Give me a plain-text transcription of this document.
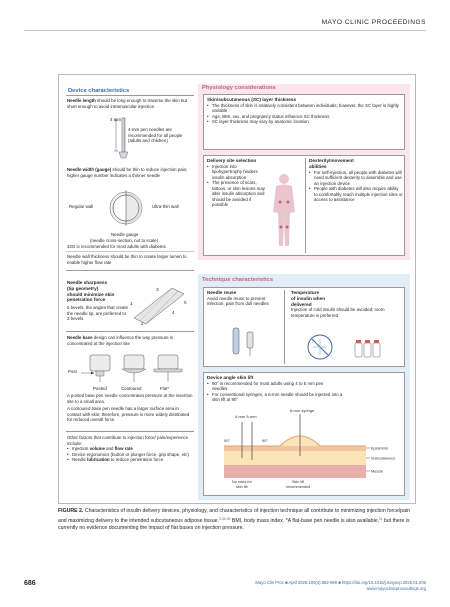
MAYO CLINIC PROCEEDINGS
Device characteristics
Needle length should be long enough to traverse the skin but short enough to avoid intramuscular injection
4 mm
4-mm pen needles are recommended for all people (adults and children)
Needle width (gauge) should be thin to reduce injection pain; higher gauge number indicates a thinner needle
Regular wall	Ultra-thin wall
Needle gauge
(needle cross-section, not to scale)
32G is recommended for most adults with diabetes
Needle wall thickness should be thin to create larger lumen to enable higher flow rate
Needle sharpness
(tip geometry)
should minimize skin
penetration force
5 bevels, the angles that create the needle tip, are preferred to 3 bevels
1
2
3
4
5
Needle base design can influence the way pressure is concentrated at the injection site
Post
Posted	Contoured	Flat*
A posted base pen needle concentrates pressure at the insertion site to a small area.
A contoured base pen needle has a larger surface area in contact with skin; therefore, pressure is more widely distributed for reduced overall force.
Other factors that contribute to injection force/ pain/experience include:
• Injection volume and flow rate
• Device ergonomics (button or plunger force, grip shape, etc)
• Needle lubrication to reduce penetration force
Physiology considerations
Skin/subcutaneous (SC) layer thickness
• The thickness of skin is relatively consistent between individuals; however, the SC layer is highly variable
• Age, BMI, sex, and pregnancy status influence SC thickness
• SC layer thickness may vary by anatomic location
Delivery site selection
• Injection into lipohypertrophy hinders insulin absorption
• The presence of scars, tattoos, or skin lesions may alter insulin absorption and should be avoided if possible
Dexterity/movement
abilities
• For self-injection, all people with diabetes will need sufficient dexterity to assemble and use an injection device
• People with diabetes will also require ability to comfortably reach multiple injection sites or access to assistance
Technique characteristics
Needle reuse
Avoid needle reuse to prevent infection, pain from dull needles
Temperature
of insulin when
delivered
Injection of cold insulin should be avoided; room temperature is preferred
Device angle skin lift
• 90° is recommended for most adults using 4 to 5 mm pen needles
• For conventional syringes, a 6-mm needle should be injected into a skin lift at 90°
4-mm 5-mm
6-mm syringe
90°	90°
Epidermis
Subcutaneous
Muscle
No need for
skin lift
Skin lift
recommended
FIGURE 2. Characteristics of insulin delivery devices, physiology, and characteristics of injection technique all contribute to minimizing injection force/pain and maximizing delivery to the intended subcutaneous adipose tissue.$^{3,34-39}$ BMI, body mass index. *A flat-base pen needle is also available,$^{11}$ but there is currently no evidence documenting the impact of flat bases on injection pressure.
686	Mayo Clin Proc ■ April 2025;100(4):682-699 ■ https://doi.org/10.1016/j.mayocp.2025.01.006
www.mayoclinicproceedings.org
